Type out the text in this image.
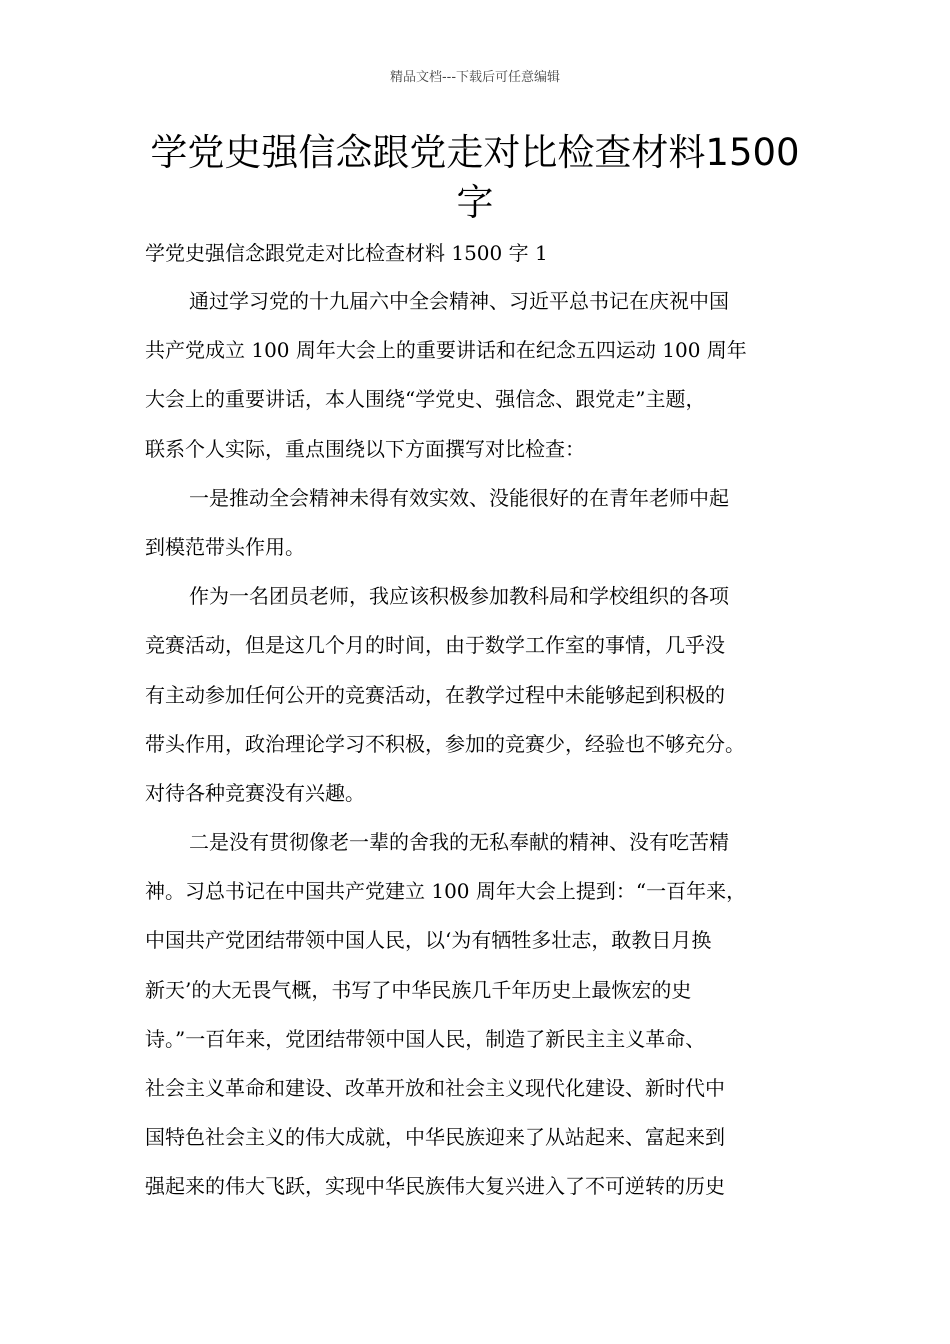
精品文档---下载后可任意编辑
学党史强信念跟党走对比检查材料1500字
学党史强信念跟党走对比检查材料 1500 字 1
通过学习党的十九届六中全会精神、习近平总书记在庆祝中国
共产党成立 100 周年大会上的重要讲话和在纪念五四运动 100 周年
大会上的重要讲话，本人围绕“学党史、强信念、跟党走”主题，
联系个人实际，重点围绕以下方面撰写对比检查：
一是推动全会精神未得有效实效、没能很好的在青年老师中起
到模范带头作用。
作为一名团员老师，我应该积极参加教科局和学校组织的各项
竞赛活动，但是这几个月的时间，由于数学工作室的事情，几乎没
有主动参加任何公开的竞赛活动，在教学过程中未能够起到积极的
带头作用，政治理论学习不积极，参加的竞赛少，经验也不够充分。
对待各种竞赛没有兴趣。
二是没有贯彻像老一辈的舍我的无私奉献的精神、没有吃苦精
神。习总书记在中国共产党建立 100 周年大会上提到：“一百年来，
中国共产党团结带领中国人民，以‘为有牺牲多壮志，敢教日月换
新天’的大无畏气概，书写了中华民族几千年历史上最恢宏的史
诗。”一百年来，党团结带领中国人民，制造了新民主主义革命、
社会主义革命和建设、改革开放和社会主义现代化建设、新时代中
国特色社会主义的伟大成就，中华民族迎来了从站起来、富起来到
强起来的伟大飞跃，实现中华民族伟大复兴进入了不可逆转的历史
